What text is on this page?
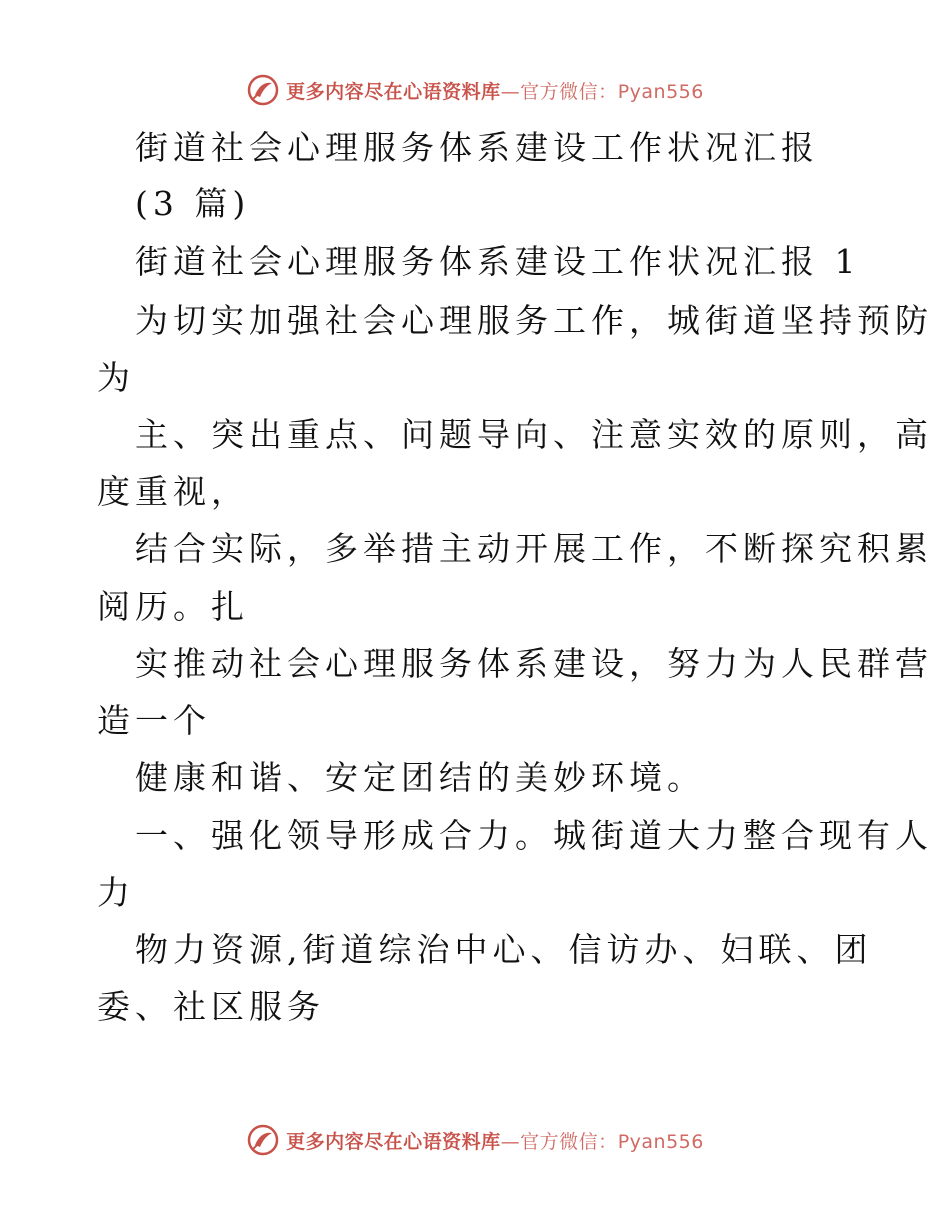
更多内容尽在心语资料库—官方微信：Pyan556
街道社会心理服务体系建设工作状况汇报
(3 篇)
街道社会心理服务体系建设工作状况汇报 1
为切实加强社会心理服务工作，城街道坚持预防
为
主、突出重点、问题导向、注意实效的原则，高
度重视，
结合实际，多举措主动开展工作，不断探究积累
阅历。扎
实推动社会心理服务体系建设，努力为人民群营
造一个
健康和谐、安定团结的美妙环境。
一、强化领导形成合力。城街道大力整合现有人
力
物力资源,街道综治中心、信访办、妇联、团
委、社区服务
更多内容尽在心语资料库—官方微信：Pyan556
